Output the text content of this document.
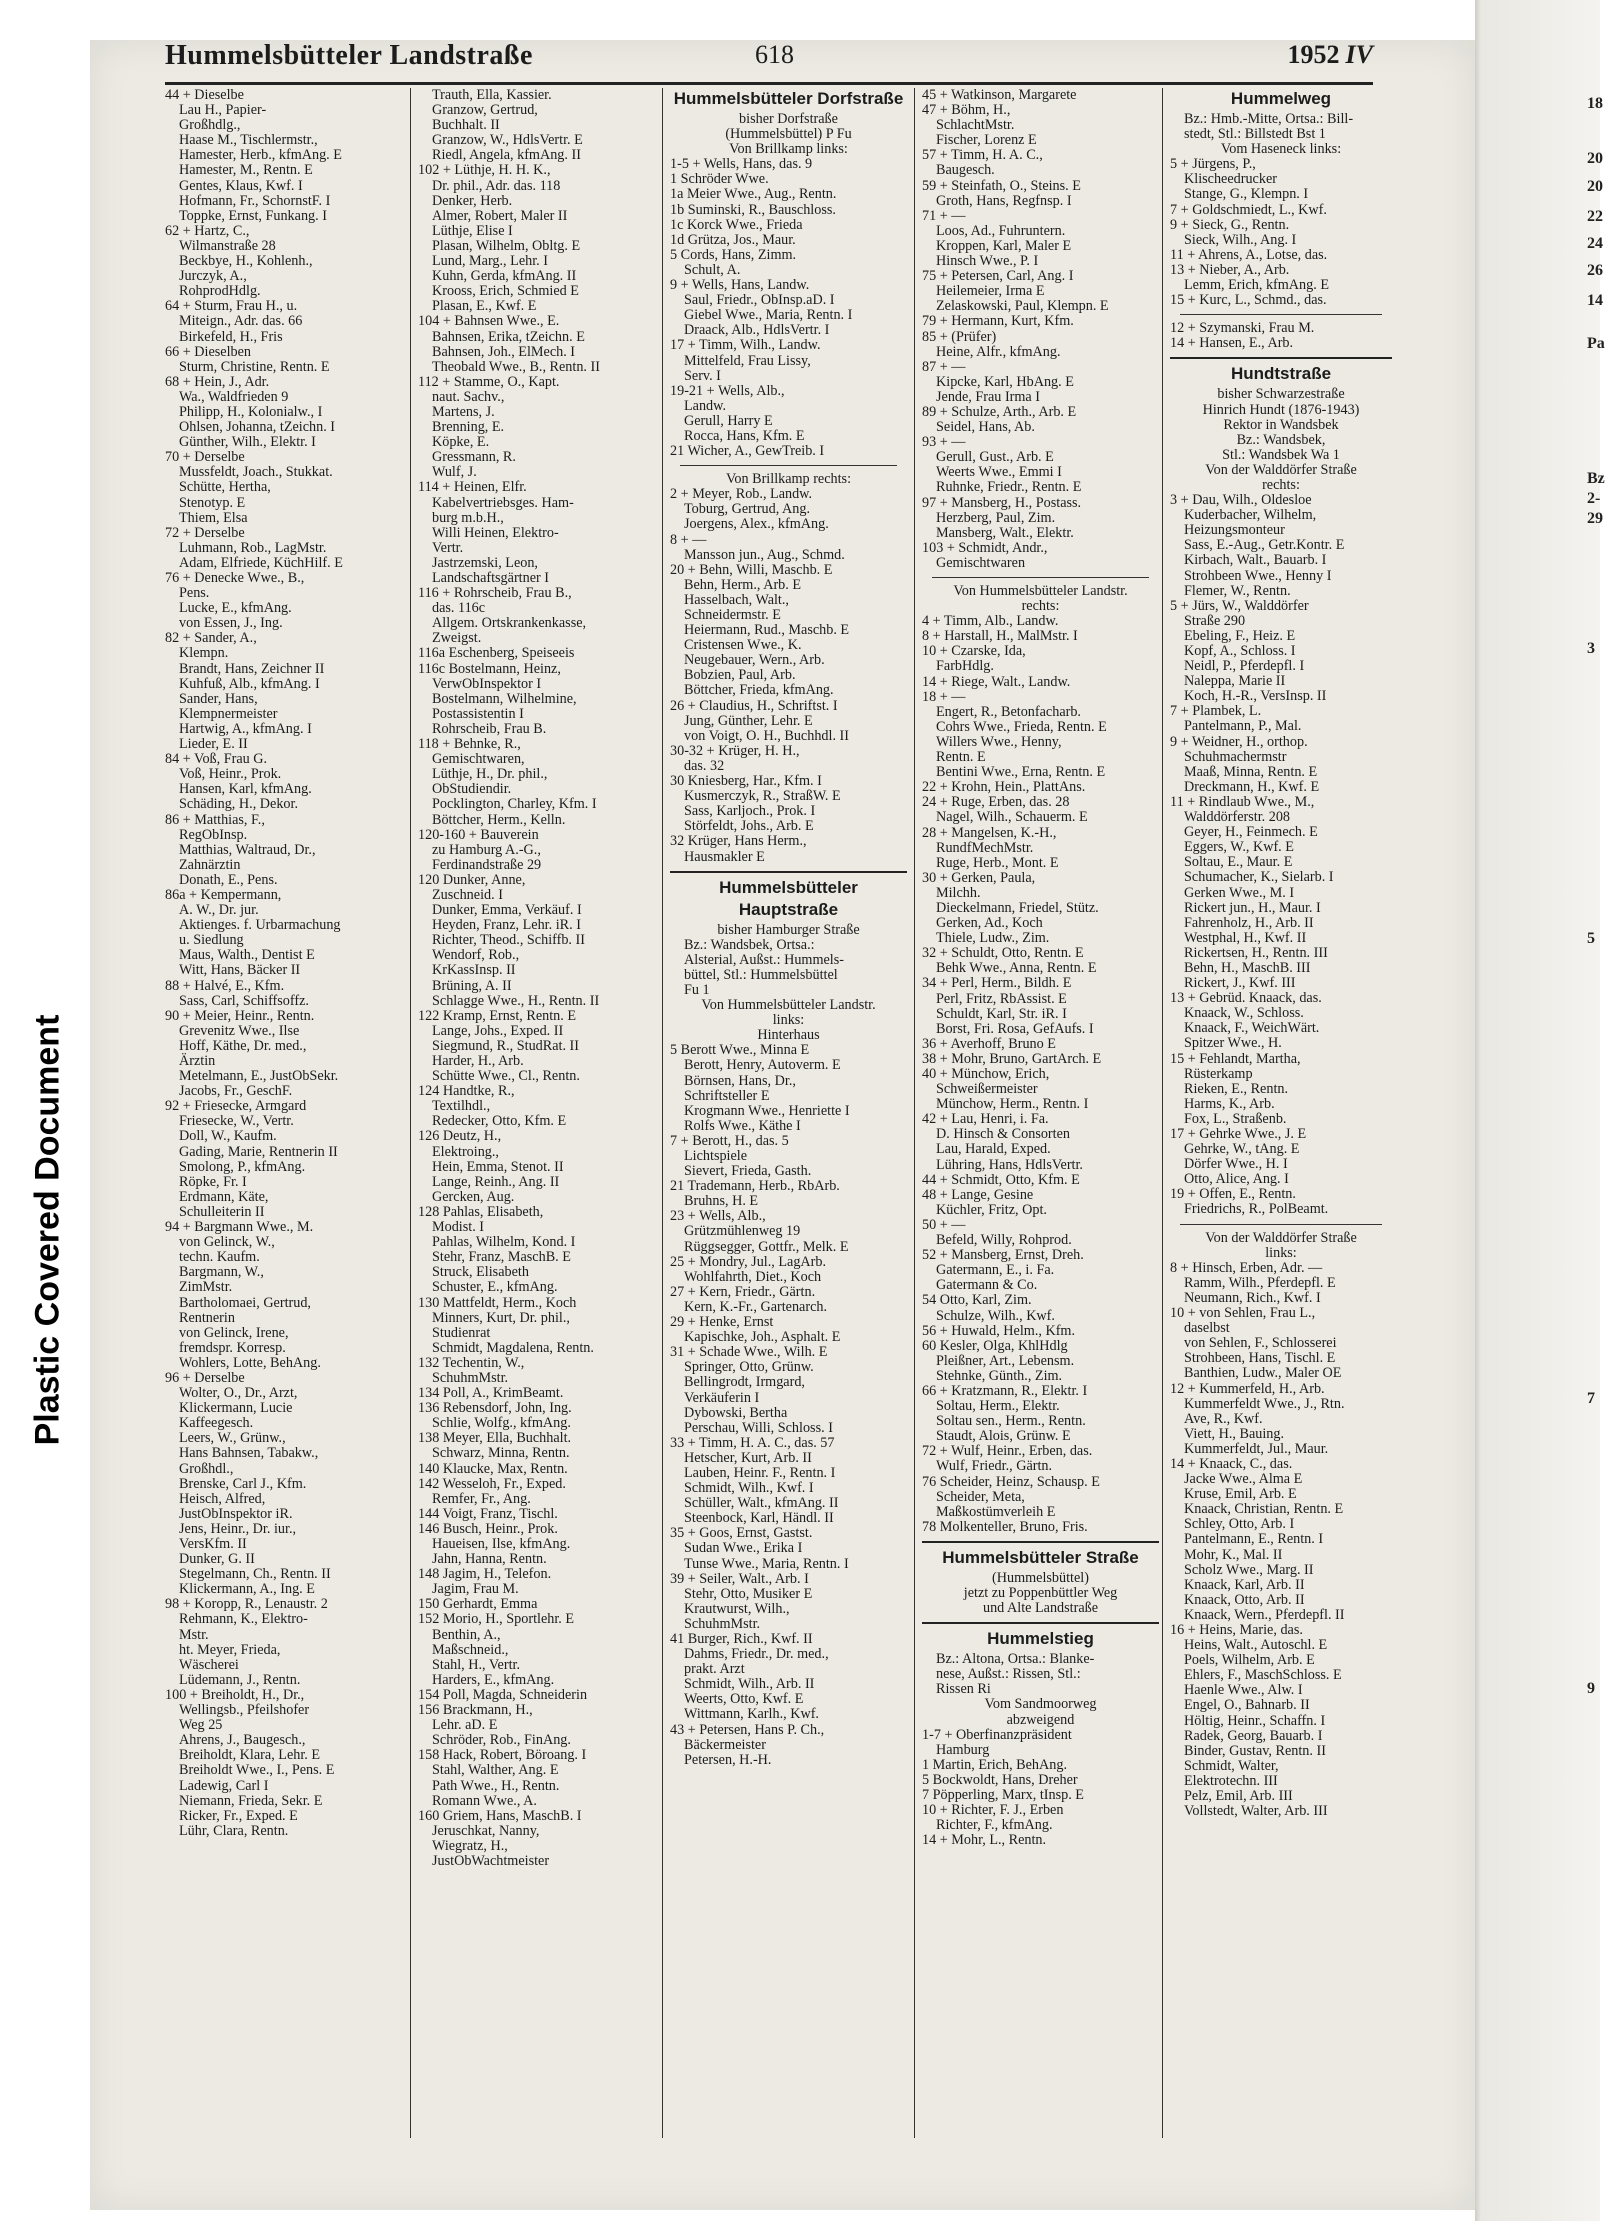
Plastic Covered Document
18
20
20
22
24
26
14
Pa
Bz
2-
29
3
5
7
9
Hummelsbütteler Landstraße	618	1952 IV
44 + Dieselbe
Lau H., Papier-
Großhdlg.,
Haase M., Tischlermstr.,
Hamester, Herb., kfmAng. E
Hamester, M., Rentn. E
Gentes, Klaus, Kwf. I
Hofmann, Fr., SchornstF. I
Toppke, Ernst, Funkang. I
62 + Hartz, C.,
Wilmanstraße 28
Beckbye, H., Kohlenh.,
Jurczyk, A.,
RohprodHdlg.
64 + Sturm, Frau H., u.
Miteign., Adr. das. 66
Birkefeld, H., Fris
66 + Dieselben
Sturm, Christine, Rentn. E
68 + Hein, J., Adr.
Wa., Waldfrieden 9
Philipp, H., Kolonialw., I
Ohlsen, Johanna, tZeichn. I
Günther, Wilh., Elektr. I
70 + Derselbe
Mussfeldt, Joach., Stukkat.
Schütte, Hertha,
Stenotyp. E
Thiem, Elsa
72 + Derselbe
Luhmann, Rob., LagMstr.
Adam, Elfriede, KüchHilf. E
76 + Denecke Wwe., B.,
Pens.
Lucke, E., kfmAng.
von Essen, J., Ing.
82 + Sander, A.,
Klempn.
Brandt, Hans, Zeichner II
Kuhfuß, Alb., kfmAng. I
Sander, Hans,
Klempnermeister
Hartwig, A., kfmAng. I
Lieder, E. II
84 + Voß, Frau G.
Voß, Heinr., Prok.
Hansen, Karl, kfmAng.
Schäding, H., Dekor.
86 + Matthias, F.,
RegObInsp.
Matthias, Waltraud, Dr.,
Zahnärztin
Donath, E., Pens.
86a + Kempermann,
A. W., Dr. jur.
Aktienges. f. Urbarmachung
u. Siedlung
Maus, Walth., Dentist E
Witt, Hans, Bäcker II
88 + Halvé, E., Kfm.
Sass, Carl, Schiffsoffz.
90 + Meier, Heinr., Rentn.
Grevenitz Wwe., Ilse
Hoff, Käthe, Dr. med.,
Ärztin
Metelmann, E., JustObSekr.
Jacobs, Fr., GeschF.
92 + Friesecke, Armgard
Friesecke, W., Vertr.
Doll, W., Kaufm.
Gading, Marie, Rentnerin II
Smolong, P., kfmAng.
Röpke, Fr. I
Erdmann, Käte,
Schulleiterin II
94 + Bargmann Wwe., M.
von Gelinck, W.,
techn. Kaufm.
Bargmann, W.,
ZimMstr.
Bartholomaei, Gertrud,
Rentnerin
von Gelinck, Irene,
fremdspr. Korresp.
Wohlers, Lotte, BehAng.
96 + Derselbe
Wolter, O., Dr., Arzt,
Klickermann, Lucie
Kaffeegesch.
Leers, W., Grünw.,
Hans Bahnsen, Tabakw.,
Großhdl.,
Brenske, Carl J., Kfm.
Heisch, Alfred,
JustObInspektor iR.
Jens, Heinr., Dr. iur.,
VersKfm. II
Dunker, G. II
Stegelmann, Ch., Rentn. II
Klickermann, A., Ing. E
98 + Koropp, R., Lenaustr. 2
Rehmann, K., Elektro-
Mstr.
ht. Meyer, Frieda,
Wäscherei
Lüdemann, J., Rentn.
100 + Breiholdt, H., Dr.,
Wellingsb., Pfeilshofer
Weg 25
Ahrens, J., Baugesch.,
Breiholdt, Klara, Lehr. E
Breiholdt Wwe., I., Pens. E
Ladewig, Carl I
Niemann, Frieda, Sekr. E
Ricker, Fr., Exped. E
Lühr, Clara, Rentn.
Trauth, Ella, Kassier.
Granzow, Gertrud,
Buchhalt. II
Granzow, W., HdlsVertr. E
Riedl, Angela, kfmAng. II
102 + Lüthje, H. H. K.,
Dr. phil., Adr. das. 118
Denker, Herb.
Almer, Robert, Maler II
Lüthje, Elise I
Plasan, Wilhelm, Obltg. E
Lund, Marg., Lehr. I
Kuhn, Gerda, kfmAng. II
Krooss, Erich, Schmied E
Plasan, E., Kwf. E
104 + Bahnsen Wwe., E.
Bahnsen, Erika, tZeichn. E
Bahnsen, Joh., ElMech. I
Theobald Wwe., B., Rentn. II
112 + Stamme, O., Kapt.
naut. Sachv.,
Martens, J.
Brenning, E.
Köpke, E.
Gressmann, R.
Wulf, J.
114 + Heinen, Elfr.
Kabelvertriebsges. Ham-
burg m.b.H.,
Willi Heinen, Elektro-
Vertr.
Jastrzemski, Leon,
Landschaftsgärtner I
116 + Rohrscheib, Frau B.,
das. 116c
Allgem. Ortskrankenkasse,
Zweigst.
116a Eschenberg, Speiseeis
116c Bostelmann, Heinz,
VerwObInspektor I
Bostelmann, Wilhelmine,
Postassistentin I
Rohrscheib, Frau B.
118 + Behnke, R.,
Gemischtwaren,
Lüthje, H., Dr. phil.,
ObStudiendir.
Pocklington, Charley, Kfm. I
Böttcher, Herm., Kelln.
120-160 + Bauverein
zu Hamburg A.-G.,
Ferdinandstraße 29
120 Dunker, Anne,
Zuschneid. I
Dunker, Emma, Verkäuf. I
Heyden, Franz, Lehr. iR. I
Richter, Theod., Schiffb. II
Wendorf, Rob.,
KrKassInsp. II
Brüning, A. II
Schlagge Wwe., H., Rentn. II
122 Kramp, Ernst, Rentn. E
Lange, Johs., Exped. II
Siegmund, R., StudRat. II
Harder, H., Arb.
Schütte Wwe., Cl., Rentn.
124 Handtke, R.,
Textilhdl.,
Redecker, Otto, Kfm. E
126 Deutz, H.,
Elektroing.,
Hein, Emma, Stenot. II
Lange, Reinh., Ang. II
Gercken, Aug.
128 Pahlas, Elisabeth,
Modist. I
Pahlas, Wilhelm, Kond. I
Stehr, Franz, MaschB. E
Struck, Elisabeth
Schuster, E., kfmAng.
130 Mattfeldt, Herm., Koch
Minners, Kurt, Dr. phil.,
Studienrat
Schmidt, Magdalena, Rentn.
132 Techentin, W.,
SchuhmMstr.
134 Poll, A., KrimBeamt.
136 Rebensdorf, John, Ing.
Schlie, Wolfg., kfmAng.
138 Meyer, Ella, Buchhalt.
Schwarz, Minna, Rentn.
140 Klaucke, Max, Rentn.
142 Wesseloh, Fr., Exped.
Remfer, Fr., Ang.
144 Voigt, Franz, Tischl.
146 Busch, Heinr., Prok.
Haueisen, Ilse, kfmAng.
Jahn, Hanna, Rentn.
148 Jagim, H., Telefon.
Jagim, Frau M.
150 Gerhardt, Emma
152 Morio, H., Sportlehr. E
Benthin, A.,
Maßschneid.,
Stahl, H., Vertr.
Harders, E., kfmAng.
154 Poll, Magda, Schneiderin
156 Brackmann, H.,
Lehr. aD. E
Schröder, Rob., FinAng.
158 Hack, Robert, Böroang. I
Stahl, Walther, Ang. E
Path Wwe., H., Rentn.
Romann Wwe., A.
160 Griem, Hans, MaschB. I
Jeruschkat, Nanny,
Wiegratz, H.,
JustObWachtmeister
Hummelsbütteler Dorfstraße
bisher Dorfstraße
(Hummelsbüttel) P Fu
Von Brillkamp links:
1-5 + Wells, Hans, das. 9
1 Schröder Wwe.
1a Meier Wwe., Aug., Rentn.
1b Suminski, R., Bauschloss.
1c Korck Wwe., Frieda
1d Grütza, Jos., Maur.
5 Cords, Hans, Zimm.
Schult, A.
9 + Wells, Hans, Landw.
Saul, Friedr., ObInsp.aD. I
Giebel Wwe., Maria, Rentn. I
Draack, Alb., HdlsVertr. I
17 + Timm, Wilh., Landw.
Mittelfeld, Frau Lissy,
Serv. I
19-21 + Wells, Alb.,
Landw.
Gerull, Harry E
Rocca, Hans, Kfm. E
21 Wicher, A., GewTreib. I
Von Brillkamp rechts:
2 + Meyer, Rob., Landw.
Toburg, Gertrud, Ang.
Joergens, Alex., kfmAng.
8 + —
Mansson jun., Aug., Schmd.
20 + Behn, Willi, Maschb. E
Behn, Herm., Arb. E
Hasselbach, Walt.,
Schneidermstr. E
Heiermann, Rud., Maschb. E
Cristensen Wwe., K.
Neugebauer, Wern., Arb.
Bobzien, Paul, Arb.
Böttcher, Frieda, kfmAng.
26 + Claudius, H., Schriftst. I
Jung, Günther, Lehr. E
von Voigt, O. H., Buchhdl. II
30-32 + Krüger, H. H.,
das. 32
30 Kniesberg, Har., Kfm. I
Kusmerczyk, R., StraßW. E
Sass, Karljoch., Prok. I
Störfeldt, Johs., Arb. E
32 Krüger, Hans Herm.,
Hausmakler E
Hummelsbütteler Hauptstraße
bisher Hamburger Straße
Bz.: Wandsbek, Ortsa.:
Alsterial, Außst.: Hummels-
büttel, Stl.: Hummelsbüttel
Fu 1
Von Hummelsbütteler Landstr.
links:
Hinterhaus
5 Berott Wwe., Minna E
Berott, Henry, Autoverm. E
Börnsen, Hans, Dr.,
Schriftsteller E
Krogmann Wwe., Henriette I
Rolfs Wwe., Käthe I
7 + Berott, H., das. 5
Lichtspiele
Sievert, Frieda, Gasth.
21 Trademann, Herb., RbArb.
Bruhns, H. E
23 + Wells, Alb.,
Grützmühlenweg 19
Rüggsegger, Gottfr., Melk. E
25 + Mondry, Jul., LagArb.
Wohlfahrth, Diet., Koch
27 + Kern, Friedr., Gärtn.
Kern, K.-Fr., Gartenarch.
29 + Henke, Ernst
Kapischke, Joh., Asphalt. E
31 + Schade Wwe., Wilh. E
Springer, Otto, Grünw.
Bellingrodt, Irmgard,
Verkäuferin I
Dybowski, Bertha
Perschau, Willi, Schloss. I
33 + Timm, H. A. C., das. 57
Hetscher, Kurt, Arb. II
Lauben, Heinr. F., Rentn. I
Schmidt, Wilh., Kwf. I
Schüller, Walt., kfmAng. II
Steenbock, Karl, Händl. II
35 + Goos, Ernst, Gastst.
Sudan Wwe., Erika I
Tunse Wwe., Maria, Rentn. I
39 + Seiler, Walt., Arb. I
Stehr, Otto, Musiker E
Krautwurst, Wilh.,
SchuhmMstr.
41 Burger, Rich., Kwf. II
Dahms, Friedr., Dr. med.,
prakt. Arzt
Schmidt, Wilh., Arb. II
Weerts, Otto, Kwf. E
Wittmann, Karlh., Kwf.
43 + Petersen, Hans P. Ch.,
Bäckermeister
Petersen, H.-H.
45 + Watkinson, Margarete
47 + Böhm, H.,
SchlachtMstr.
Fischer, Lorenz E
57 + Timm, H. A. C.,
Baugesch.
59 + Steinfath, O., Steins. E
Groth, Hans, Regfnsp. I
71 + —
Loos, Ad., Fuhruntern.
Kroppen, Karl, Maler E
Hinsch Wwe., P. I
75 + Petersen, Carl, Ang. I
Heilemeier, Irma E
Zelaskowski, Paul, Klempn. E
79 + Hermann, Kurt, Kfm.
85 + (Prüfer)
Heine, Alfr., kfmAng.
87 + —
Kipcke, Karl, HbAng. E
Jende, Frau Irma I
89 + Schulze, Arth., Arb. E
Seidel, Hans, Ab.
93 + —
Gerull, Gust., Arb. E
Weerts Wwe., Emmi I
Ruhnke, Friedr., Rentn. E
97 + Mansberg, H., Postass.
Herzberg, Paul, Zim.
Mansberg, Walt., Elektr.
103 + Schmidt, Andr.,
Gemischtwaren
Von Hummelsbütteler Landstr.
rechts:
4 + Timm, Alb., Landw.
8 + Harstall, H., MalMstr. I
10 + Czarske, Ida,
FarbHdlg.
14 + Riege, Walt., Landw.
18 + —
Engert, R., Betonfacharb.
Cohrs Wwe., Frieda, Rentn. E
Willers Wwe., Henny,
Rentn. E
Bentini Wwe., Erna, Rentn. E
22 + Krohn, Hein., PlattAns.
24 + Ruge, Erben, das. 28
Nagel, Wilh., Schauerm. E
28 + Mangelsen, K.-H.,
RundfMechMstr.
Ruge, Herb., Mont. E
30 + Gerken, Paula,
Milchh.
Dieckelmann, Friedel, Stütz.
Gerken, Ad., Koch
Thiele, Ludw., Zim.
32 + Schuldt, Otto, Rentn. E
Behk Wwe., Anna, Rentn. E
34 + Perl, Herm., Bildh. E
Perl, Fritz, RbAssist. E
Schuldt, Karl, Str. iR. I
Borst, Fri. Rosa, GefAufs. I
36 + Averhoff, Bruno E
38 + Mohr, Bruno, GartArch. E
40 + Münchow, Erich,
Schweißermeister
Münchow, Herm., Rentn. I
42 + Lau, Henri, i. Fa.
D. Hinsch & Consorten
Lau, Harald, Exped.
Lühring, Hans, HdlsVertr.
44 + Schmidt, Otto, Kfm. E
48 + Lange, Gesine
Küchler, Fritz, Opt.
50 + —
Befeld, Willy, Rohprod.
52 + Mansberg, Ernst, Dreh.
Gatermann, E., i. Fa.
Gatermann & Co.
54 Otto, Karl, Zim.
Schulze, Wilh., Kwf.
56 + Huwald, Helm., Kfm.
60 Kesler, Olga, KhlHdlg
Pleißner, Art., Lebensm.
Stehnke, Günth., Zim.
66 + Kratzmann, R., Elektr. I
Soltau, Herm., Elektr.
Soltau sen., Herm., Rentn.
Staudt, Alois, Grünw. E
72 + Wulf, Heinr., Erben, das.
Wulf, Friedr., Gärtn.
76 Scheider, Heinz, Schausp. E
Scheider, Meta,
Maßkostümverleih E
78 Molkenteller, Bruno, Fris.
Hummelsbütteler Straße
(Hummelsbüttel)
jetzt zu Poppenbüttler Weg
und Alte Landstraße
Hummelstieg
Bz.: Altona, Ortsa.: Blanke-
nese, Außst.: Rissen, Stl.:
Rissen Ri
Vom Sandmoorweg
abzweigend
1-7 + Oberfinanzpräsident
Hamburg
1 Martin, Erich, BehAng.
5 Bockwoldt, Hans, Dreher
7 Pöpperling, Marx, tInsp. E
10 + Richter, F. J., Erben
Richter, F., kfmAng.
14 + Mohr, L., Rentn.
Hummelweg
Bz.: Hmb.-Mitte, Ortsa.: Bill-
stedt, Stl.: Billstedt Bst 1
Vom Haseneck links:
5 + Jürgens, P.,
Klischeedrucker
Stange, G., Klempn. I
7 + Goldschmiedt, L., Kwf.
9 + Sieck, G., Rentn.
Sieck, Wilh., Ang. I
11 + Ahrens, A., Lotse, das.
13 + Nieber, A., Arb.
Lemm, Erich, kfmAng. E
15 + Kurc, L., Schmd., das.
12 + Szymanski, Frau M.
14 + Hansen, E., Arb.
Hundtstraße
bisher Schwarzestraße
Hinrich Hundt (1876-1943)
Rektor in Wandsbek
Bz.: Wandsbek,
Stl.: Wandsbek Wa 1
Von der Walddörfer Straße
rechts:
3 + Dau, Wilh., Oldesloe
Kuderbacher, Wilhelm,
Heizungsmonteur
Sass, E.-Aug., Getr.Kontr. E
Kirbach, Walt., Bauarb. I
Strohbeen Wwe., Henny I
Flemer, W., Rentn.
5 + Jürs, W., Walddörfer
Straße 290
Ebeling, F., Heiz. E
Kopf, A., Schloss. I
Neidl, P., Pferdepfl. I
Naleppa, Marie II
Koch, H.-R., VersInsp. II
7 + Plambek, L.
Pantelmann, P., Mal.
9 + Weidner, H., orthop.
Schuhmachermstr
Maaß, Minna, Rentn. E
Dreckmann, H., Kwf. E
11 + Rindlaub Wwe., M.,
Walddörferstr. 208
Geyer, H., Feinmech. E
Eggers, W., Kwf. E
Soltau, E., Maur. E
Schumacher, K., Sielarb. I
Gerken Wwe., M. I
Rickert jun., H., Maur. I
Fahrenholz, H., Arb. II
Westphal, H., Kwf. II
Rickertsen, H., Rentn. III
Behn, H., MaschB. III
Rickert, J., Kwf. III
13 + Gebrüd. Knaack, das.
Knaack, W., Schloss.
Knaack, F., WeichWärt.
Spitzer Wwe., H.
15 + Fehlandt, Martha,
Rüsterkamp
Rieken, E., Rentn.
Harms, K., Arb.
Fox, L., Straßenb.
17 + Gehrke Wwe., J. E
Gehrke, W., tAng. E
Dörfer Wwe., H. I
Otto, Alice, Ang. I
19 + Offen, E., Rentn.
Friedrichs, R., PolBeamt.
Von der Walddörfer Straße
links:
8 + Hinsch, Erben, Adr. —
Ramm, Wilh., Pferdepfl. E
Neumann, Rich., Kwf. I
10 + von Sehlen, Frau L.,
daselbst
von Sehlen, F., Schlosserei
Strohbeen, Hans, Tischl. E
Banthien, Ludw., Maler OE
12 + Kummerfeld, H., Arb.
Kummerfeldt Wwe., J., Rtn.
Ave, R., Kwf.
Viett, H., Bauing.
Kummerfeldt, Jul., Maur.
14 + Knaack, C., das.
Jacke Wwe., Alma E
Kruse, Emil, Arb. E
Knaack, Christian, Rentn. E
Schley, Otto, Arb. I
Pantelmann, E., Rentn. I
Mohr, K., Mal. II
Scholz Wwe., Marg. II
Knaack, Karl, Arb. II
Knaack, Otto, Arb. II
Knaack, Wern., Pferdepfl. II
16 + Heins, Marie, das.
Heins, Walt., Autoschl. E
Poels, Wilhelm, Arb. E
Ehlers, F., MaschSchloss. E
Haenle Wwe., Alw. I
Engel, O., Bahnarb. II
Höltig, Heinr., Schaffn. I
Radek, Georg, Bauarb. I
Binder, Gustav, Rentn. II
Schmidt, Walter,
Elektrotechn. III
Pelz, Emil, Arb. III
Vollstedt, Walter, Arb. III
